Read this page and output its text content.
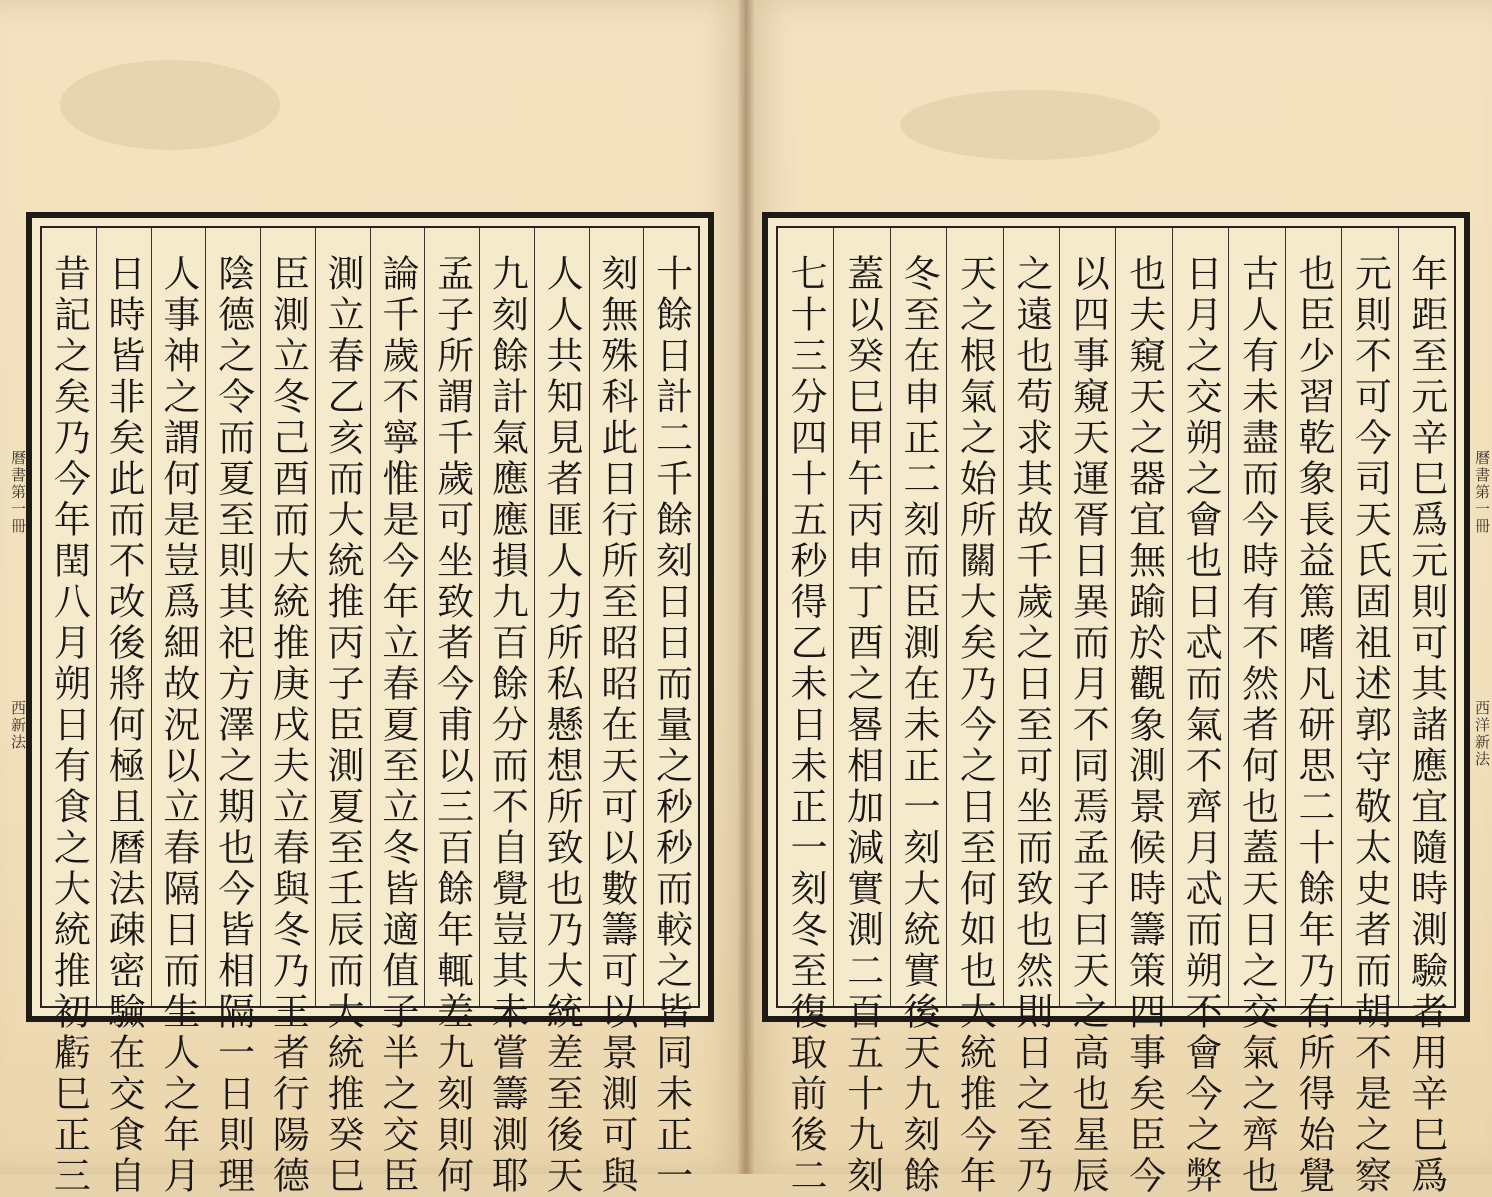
十餘日計二千餘刻日日而量之秒秒而較之皆同未正一
刻無殊科此日行所至昭昭在天可以數籌可以景測可與
人人共知見者匪人力所私懸想所致也乃大統差至後天
九刻餘計氣應應損九百餘分而不自覺豈其未嘗籌測耶
孟子所謂千歲可坐致者今甫以三百餘年輒差九刻則何
論千歲不寧惟是今年立春夏至立冬皆適值子半之交臣
測立春乙亥而大統推丙子臣測夏至壬辰而大統推癸巳
臣測立冬己酉而大統推庚戌夫立春與冬乃王者行陽德
陰德之令而夏至則其祀方澤之期也今皆相隔一日則理
人事神之謂何是豈爲細故況以立春隔日而生人之年月
日時皆非矣此而不改後將何極且曆法疎密驗在交食自
昔記之矣乃今年閏八月朔日有食之大統推初虧巳正三
曆書第一冊
西新法	年距至元辛巳爲元則可其諸應宜隨時測驗者用辛巳爲
元則不可今司天氏固祖述郭守敬太史者而胡不是之察
也臣少習乾象長益篤嗜凡研思二十餘年乃有所得始覺
古人有未盡而今時有不然者何也蓋天日之交氣之齊也
日月之交朔之會也日忒而氣不齊月忒而朔不會今之弊
也夫窺天之器宜無踰於觀象測景候時籌策四事矣臣今
以四事窺天運胥日異而月不同焉孟子曰天之高也星辰
之遠也苟求其故千歲之日至可坐而致也然則日之至乃
天之根氣之始所關大矣乃今之日至何如也大統推今年
冬至在申正二刻而臣測在未正一刻大統實後天九刻餘
蓋以癸巳甲午丙申丁酉之晷相加減實測二百五十九刻
七十三分四十五秒得乙未日未正一刻冬至復取前後二	曆書第一冊
西洋新法
